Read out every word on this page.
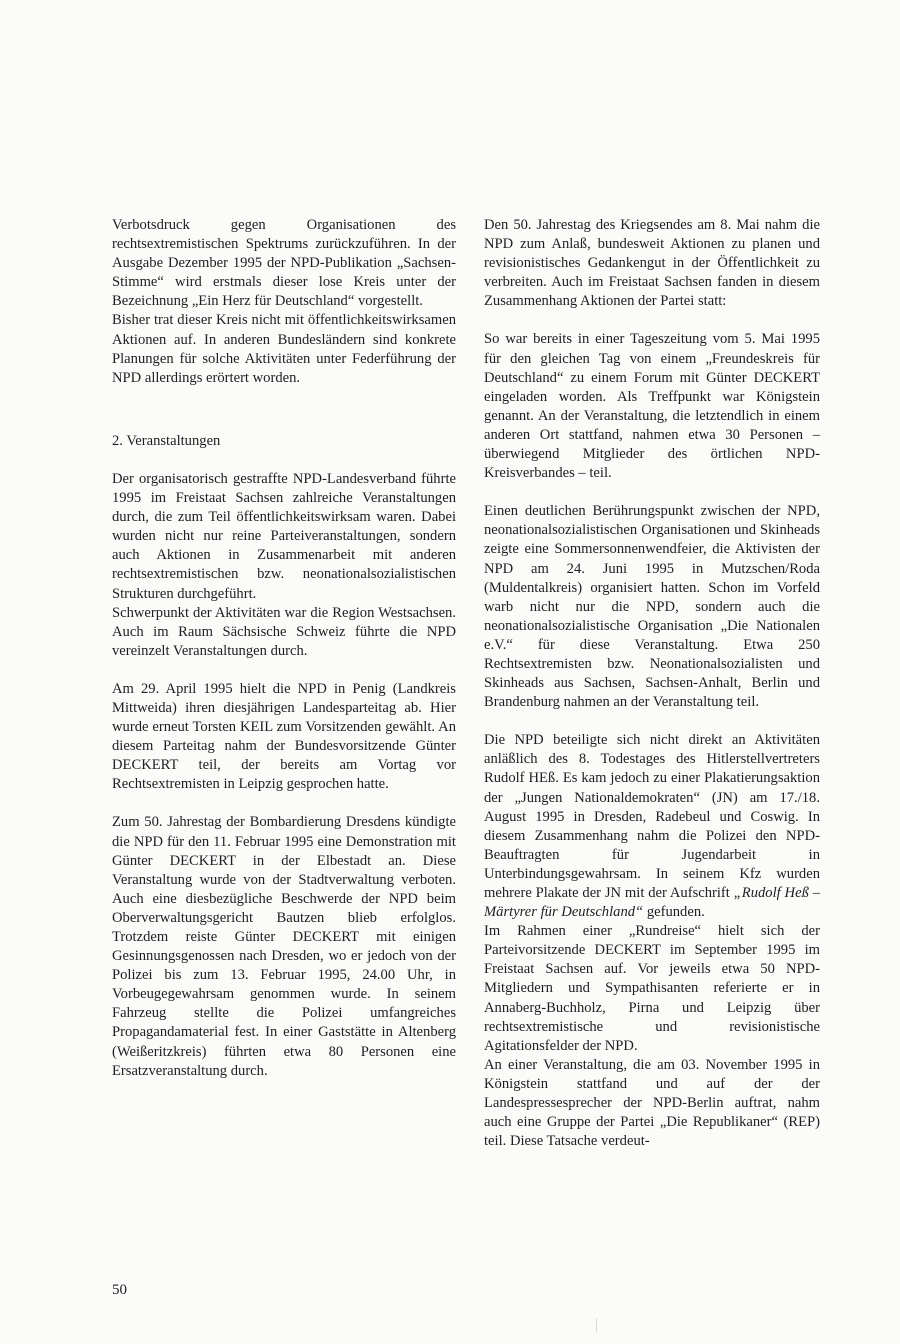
Verbotsdruck gegen Organisationen des rechtsextremistischen Spektrums zurückzuführen. In der Ausgabe Dezember 1995 der NPD-Publikation „Sachsen-Stimme“ wird erstmals dieser lose Kreis unter der Bezeichnung „Ein Herz für Deutschland“ vorgestellt.

Bisher trat dieser Kreis nicht mit öffentlichkeitswirksamen Aktionen auf. In anderen Bundesländern sind konkrete Planungen für solche Aktivitäten unter Federführung der NPD allerdings erörtert worden.

2. Veranstaltungen

Der organisatorisch gestraffte NPD-Landesverband führte 1995 im Freistaat Sachsen zahlreiche Veranstaltungen durch, die zum Teil öffentlichkeitswirksam waren. Dabei wurden nicht nur reine Parteiveranstaltungen, sondern auch Aktionen in Zusammenarbeit mit anderen rechtsextremistischen bzw. neonationalsozialistischen Strukturen durchgeführt.

Schwerpunkt der Aktivitäten war die Region Westsachsen. Auch im Raum Sächsische Schweiz führte die NPD vereinzelt Veranstaltungen durch.

Am 29. April 1995 hielt die NPD in Penig (Landkreis Mittweida) ihren diesjährigen Landesparteitag ab. Hier wurde erneut Torsten KEIL zum Vorsitzenden gewählt. An diesem Parteitag nahm der Bundesvorsitzende Günter DECKERT teil, der bereits am Vortag vor Rechtsextremisten in Leipzig gesprochen hatte.

Zum 50. Jahrestag der Bombardierung Dresdens kündigte die NPD für den 11. Februar 1995 eine Demonstration mit Günter DECKERT in der Elbestadt an. Diese Veranstaltung wurde von der Stadtverwaltung verboten. Auch eine diesbezügliche Beschwerde der NPD beim Oberverwaltungsgericht Bautzen blieb erfolglos. Trotzdem reiste Günter DECKERT mit einigen Gesinnungsgenossen nach Dresden, wo er jedoch von der Polizei bis zum 13. Februar 1995, 24.00 Uhr, in Vorbeugegewahrsam genommen wurde. In seinem Fahrzeug stellte die Polizei umfangreiches Propagandamaterial fest. In einer Gaststätte in Altenberg (Weißeritzkreis) führten etwa 80 Personen eine Ersatzveranstaltung durch.

Den 50. Jahrestag des Kriegsendes am 8. Mai nahm die NPD zum Anlaß, bundesweit Aktionen zu planen und revisionistisches Gedankengut in der Öffentlichkeit zu verbreiten. Auch im Freistaat Sachsen fanden in diesem Zusammenhang Aktionen der Partei statt:

So war bereits in einer Tageszeitung vom 5. Mai 1995 für den gleichen Tag von einem „Freundeskreis für Deutschland“ zu einem Forum mit Günter DECKERT eingeladen worden. Als Treffpunkt war Königstein genannt. An der Veranstaltung, die letztendlich in einem anderen Ort stattfand, nahmen etwa 30 Personen – überwiegend Mitglieder des örtlichen NPD-Kreisverbandes – teil.

Einen deutlichen Berührungspunkt zwischen der NPD, neonationalsozialistischen Organisationen und Skinheads zeigte eine Sommersonnenwendfeier, die Aktivisten der NPD am 24. Juni 1995 in Mutzschen/Roda (Muldentalkreis) organisiert hatten. Schon im Vorfeld warb nicht nur die NPD, sondern auch die neonationalsozialistische Organisation „Die Nationalen e.V.“ für diese Veranstaltung. Etwa 250 Rechtsextremisten bzw. Neonationalsozialisten und Skinheads aus Sachsen, Sachsen-Anhalt, Berlin und Brandenburg nahmen an der Veranstaltung teil.

Die NPD beteiligte sich nicht direkt an Aktivitäten anläßlich des 8. Todestages des Hitlerstellvertreters Rudolf HEß. Es kam jedoch zu einer Plakatierungsaktion der „Jungen Nationaldemokraten“ (JN) am 17./18. August 1995 in Dresden, Radebeul und Coswig. In diesem Zusammenhang nahm die Polizei den NPD-Beauftragten für Jugendarbeit in Unterbindungsgewahrsam. In seinem Kfz wurden mehrere Plakate der JN mit der Aufschrift „Rudolf Heß – Märtyrer für Deutschland“ gefunden.

Im Rahmen einer „Rundreise“ hielt sich der Parteivorsitzende DECKERT im September 1995 im Freistaat Sachsen auf. Vor jeweils etwa 50 NPD-Mitgliedern und Sympathisanten referierte er in Annaberg-Buchholz, Pirna und Leipzig über rechtsextremistische und revisionistische Agitationsfelder der NPD.

An einer Veranstaltung, die am 03. November 1995 in Königstein stattfand und auf der der Landespressesprecher der NPD-Berlin auftrat, nahm auch eine Gruppe der Partei „Die Republikaner“ (REP) teil. Diese Tatsache verdeut-

50
